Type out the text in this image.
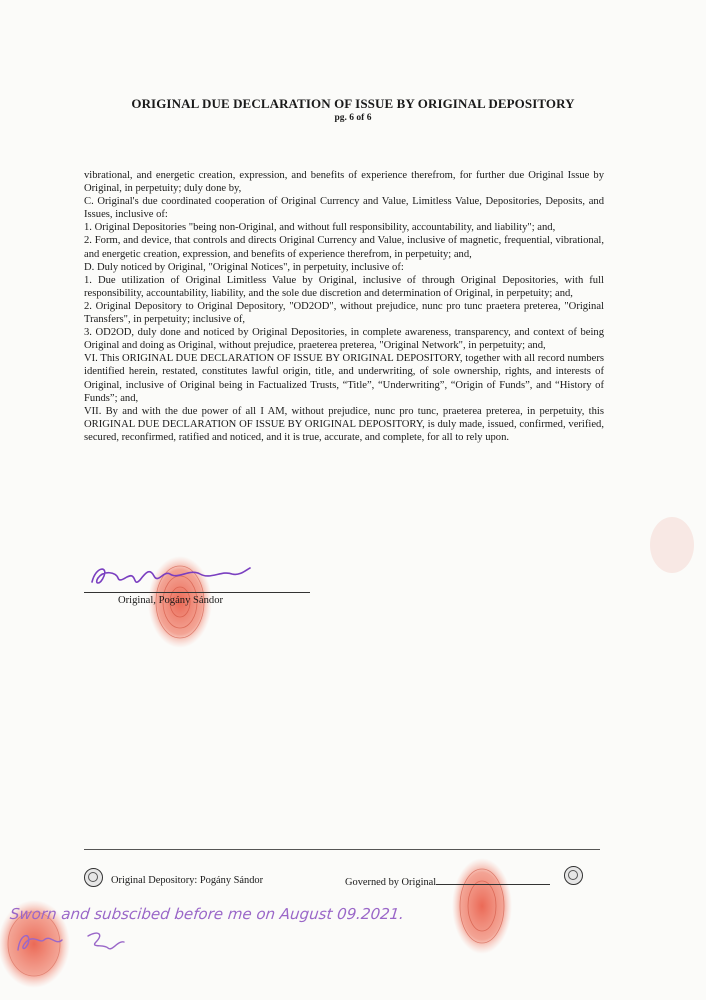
ORIGINAL DUE DECLARATION OF ISSUE BY ORIGINAL DEPOSITORY
pg. 6 of 6

vibrational, and energetic creation, expression, and benefits of experience therefrom, for further due Original Issue by Original, in perpetuity; duly done by,

C. Original's due coordinated cooperation of Original Currency and Value, Limitless Value, Depositories, Deposits, and Issues, inclusive of:

1. Original Depositories "being non-Original, and without full responsibility, accountability, and liability"; and,

2. Form, and device, that controls and directs Original Currency and Value, inclusive of magnetic, frequential, vibrational, and energetic creation, expression, and benefits of experience therefrom, in perpetuity; and,

D. Duly noticed by Original, "Original Notices", in perpetuity, inclusive of:

1. Due utilization of Original Limitless Value by Original, inclusive of through Original Depositories, with full responsibility, accountability, liability, and the sole due discretion and determination of Original, in perpetuity; and,

2. Original Depository to Original Depository, "OD2OD", without prejudice, nunc pro tunc praetera preterea, "Original Transfers", in perpetuity; inclusive of,

3. OD2OD, duly done and noticed by Original Depositories, in complete awareness, transparency, and context of being Original and doing as Original, without prejudice, praeterea preterea, "Original Network", in perpetuity; and,

VI. This ORIGINAL DUE DECLARATION OF ISSUE BY ORIGINAL DEPOSITORY, together with all record numbers identified herein, restated, constitutes lawful origin, title, and underwriting, of sole ownership, rights, and interests of Original, inclusive of Original being in Factualized Trusts, “Title”, “Underwriting”, “Origin of Funds”, and “History of Funds”; and,

VII. By and with the due power of all I AM, without prejudice, nunc pro tunc, praeterea preterea, in perpetuity, this ORIGINAL DUE DECLARATION OF ISSUE BY ORIGINAL DEPOSITORY, is duly made, issued, confirmed, verified, secured, reconfirmed, ratified and noticed, and it is true, accurate, and complete, for all to rely upon.

Original, Pogány Sándor
Original Depository: Pogány Sándor	Governed by Original
Sworn and subscibed before me on August 09.2021.
